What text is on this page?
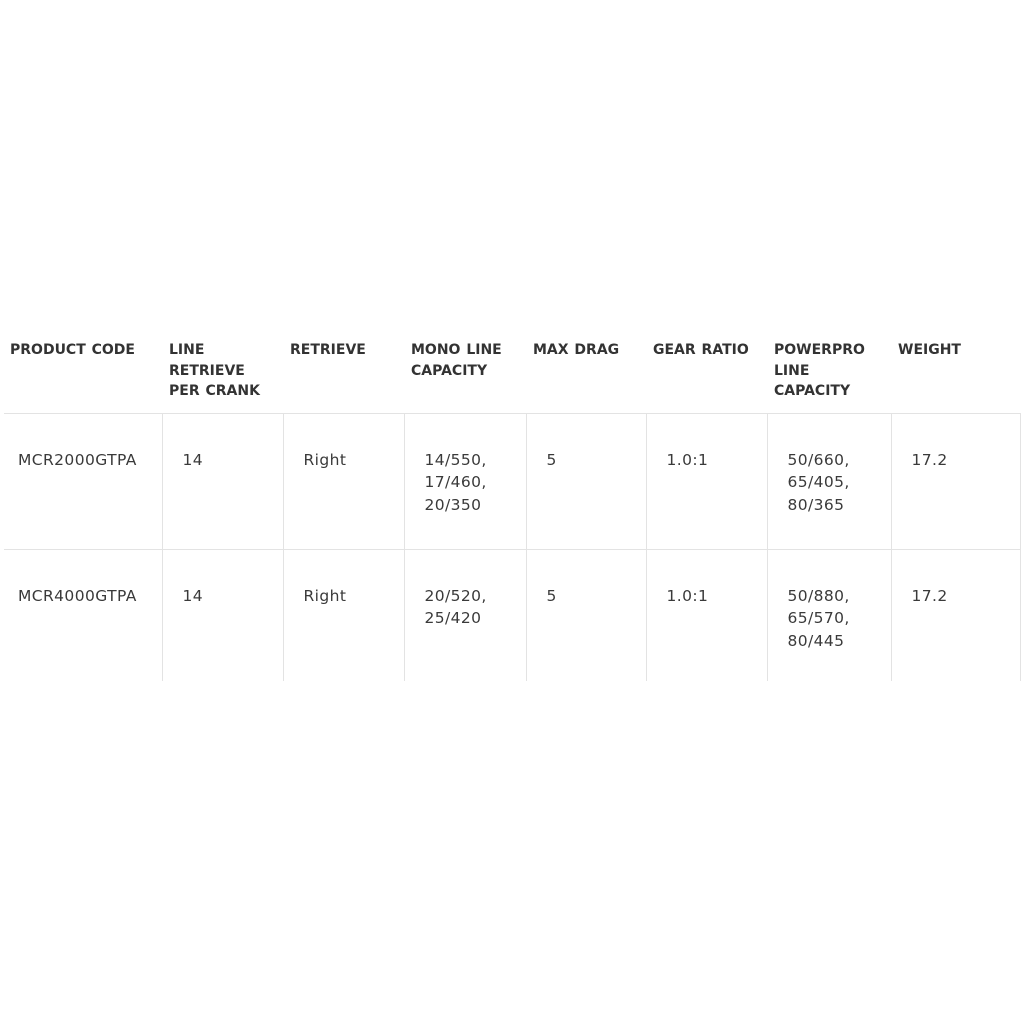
PRODUCT CODE	LINE RETRIEVE PER CRANK	RETRIEVE	MONO LINE CAPACITY	MAX DRAG	GEAR RATIO	POWERPRO LINE CAPACITY	WEIGHT
MCR2000GTPA	14	Right	14/550,
17/460,
20/350	5	1.0:1	50/660,
65/405,
80/365	17.2
MCR4000GTPA	14	Right	20/520,
25/420	5	1.0:1	50/880,
65/570,
80/445	17.2
